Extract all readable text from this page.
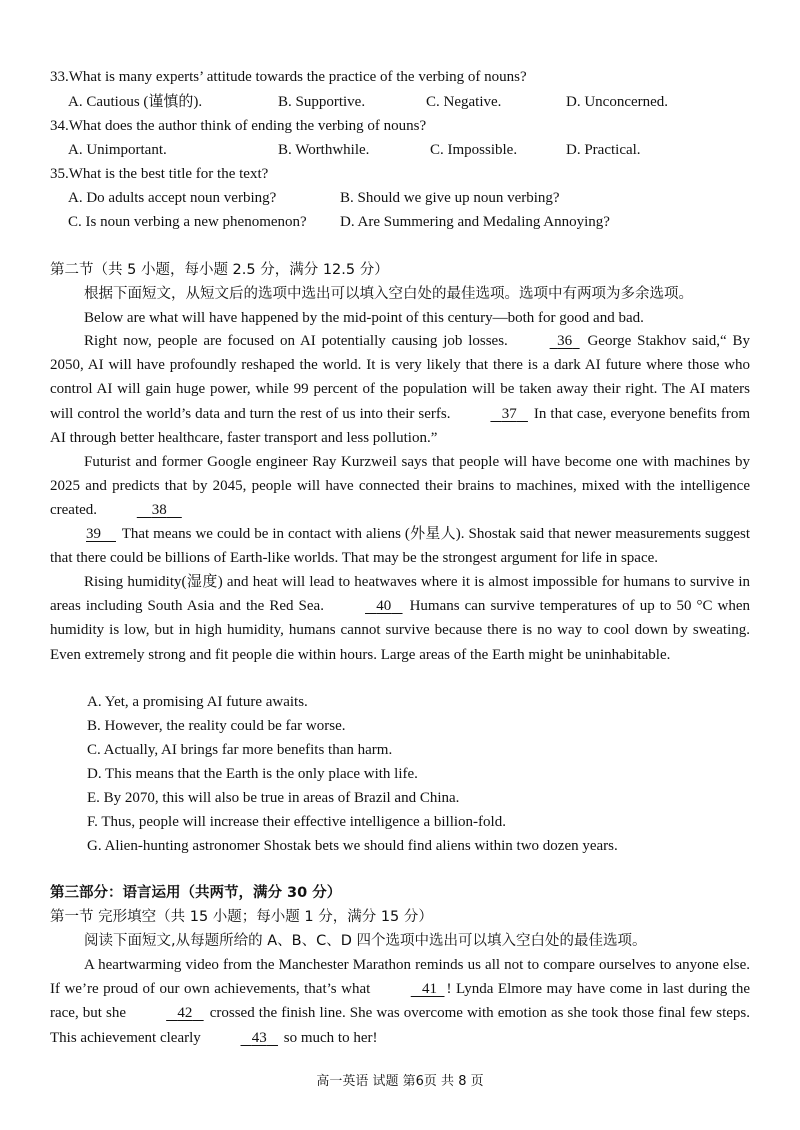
33.What is many experts’ attitude towards the practice of the verbing of nouns?
A. Cautious (谨慎的).	B. Supportive.	C. Negative.	D. Unconcerned.
34.What does the author think of ending the verbing of nouns?
A. Unimportant.	B. Worthwhile.	C. Impossible.	D. Practical.
35.What is the best title for the text?
A. Do adults accept noun verbing?	B. Should we give up noun verbing?
C. Is noun verbing a new phenomenon? D. Are Summering and Medaling Annoying?
第二节（共 5 小题，每小题 2.5 分，满分 12.5 分）
根据下面短文，从短文后的选项中选出可以填入空白处的最佳选项。选项中有两项为多余选项。
Below are what will have happened by the mid-point of this century—both for good and bad.

Right now, people are focused on AI potentially causing job losses.	36 George Stakhov said,“ By 2050, AI will have profoundly reshaped the world. It is very likely that there is a dark AI future where those who control AI will gain huge power, while 99 percent of the population will be taken away their right. The AI maters will control the world’s data and turn the rest of us into their serfs.	37 In that case, everyone benefits from AI through better healthcare, faster transport and less pollution.”

Futurist and former Google engineer Ray Kurzweil says that people will have become one with machines by 2025 and predicts that by 2045, people will have connected their brains to machines, mixed with the intelligence created.	38

39 That means we could be in contact with aliens (外星人). Shostak said that newer measurements suggest that there could be billions of Earth-like worlds. That may be the strongest argument for life in space.

Rising humidity(湿度) and heat will lead to heatwaves where it is almost impossible for humans to survive in areas including South Asia and the Red Sea.	40 Humans can survive temperatures of up to 50 °C when humidity is low, but in high humidity, humans cannot survive because there is no way to cool down by sweating. Even extremely strong and fit people die within hours. Large areas of the Earth might be uninhabitable.

A. Yet, a promising AI future awaits.
B. However, the reality could be far worse.
C. Actually, AI brings far more benefits than harm.
D. This means that the Earth is the only place with life.
E. By 2070, this will also be true in areas of Brazil and China.
F. Thus, people will increase their effective intelligence a billion-fold.
G. Alien-hunting astronomer Shostak bets we should find aliens within two dozen years.
第三部分：语言运用（共两节，满分 30 分）
第一节 完形填空（共 15 小题；每小题 1 分，满分 15 分）
阅读下面短文,从每题所给的 A、B、C、D 四个选项中选出可以填入空白处的最佳选项。

A heartwarming video from the Manchester Marathon reminds us all not to compare ourselves to anyone else. If we’re proud of our own achievements, that’s what	41 ! Lynda Elmore may have come in last during the race, but she	42 crossed the finish line. She was overcome with emotion as she took those final few steps. This achievement clearly	43 so much to her!

高一英语 试题 第6页 共 8 页
